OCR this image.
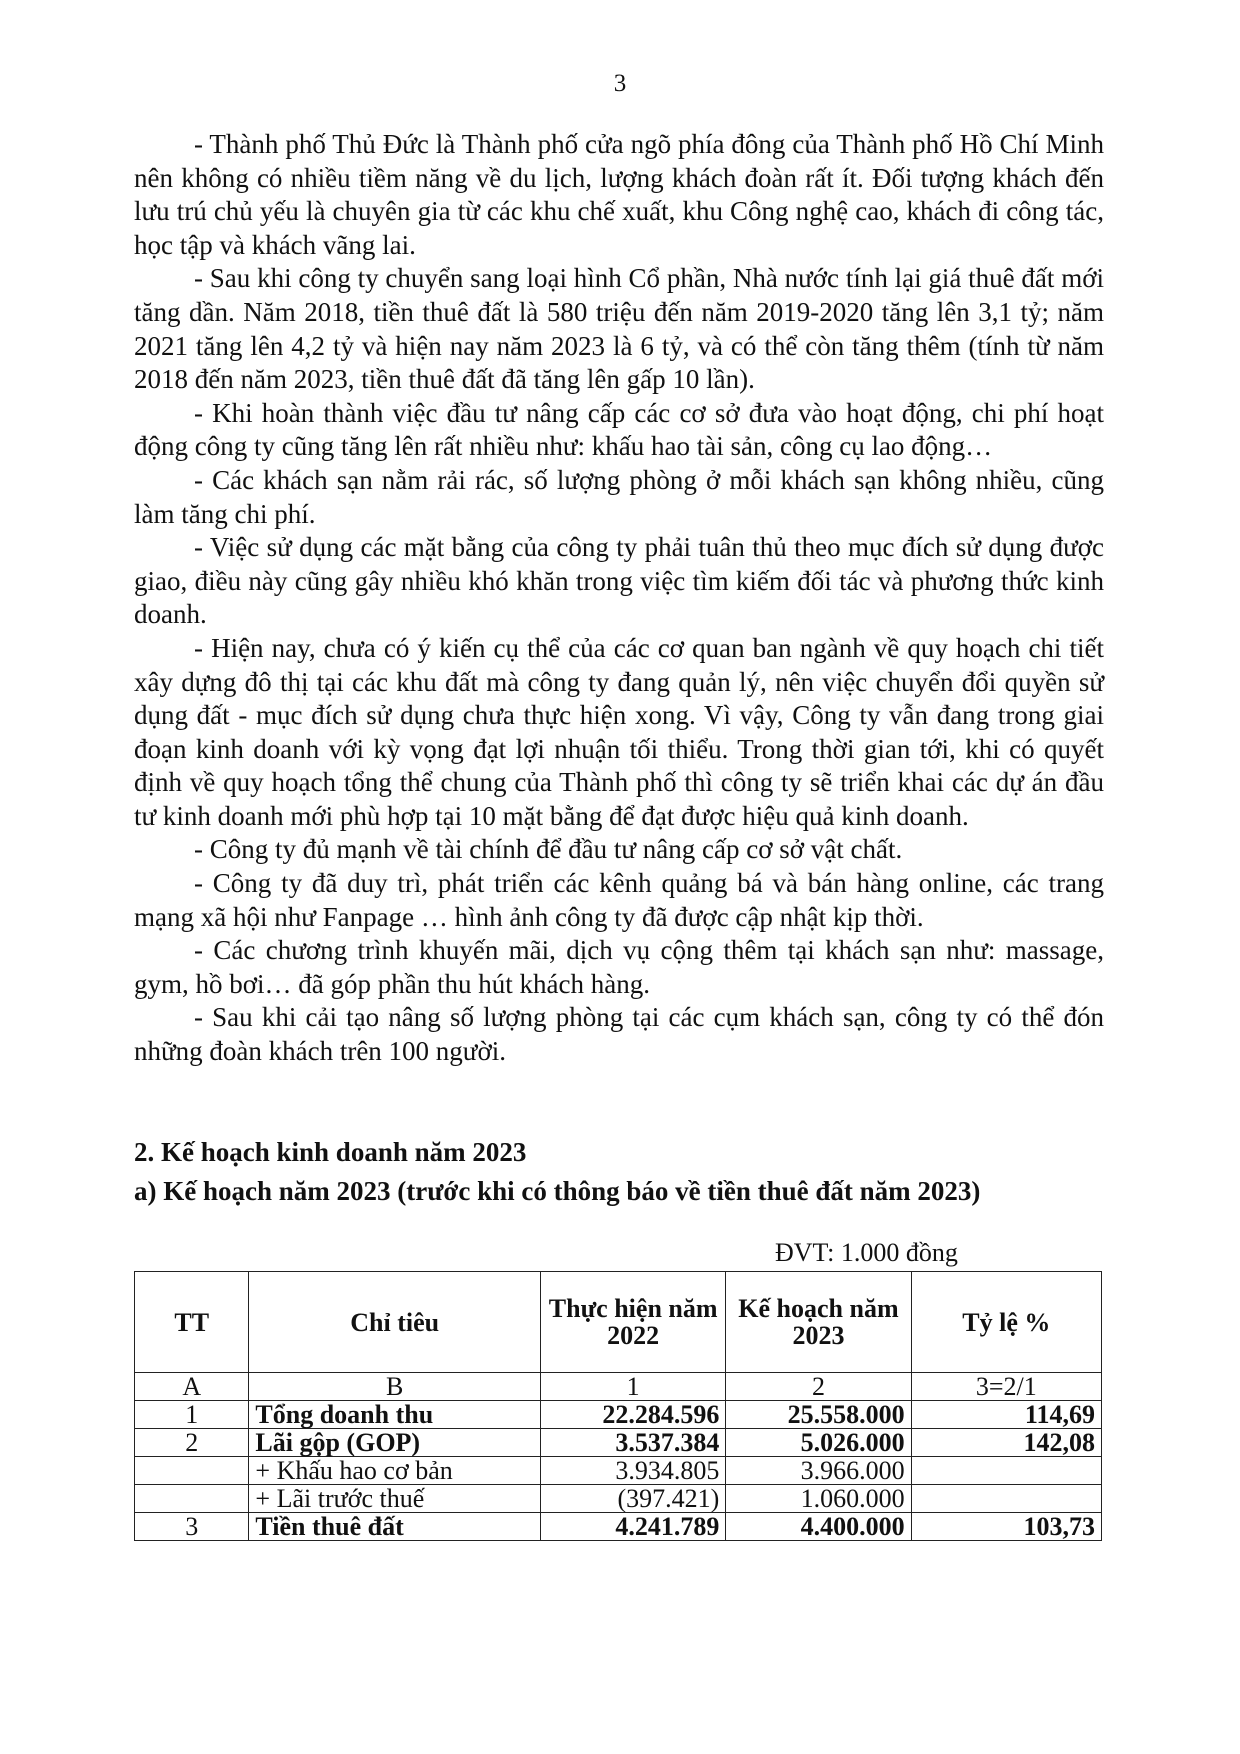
3

- Thành phố Thủ Đức là Thành phố cửa ngõ phía đông của Thành phố Hồ Chí Minh nên không có nhiều tiềm năng về du lịch, lượng khách đoàn rất ít. Đối tượng khách đến lưu trú chủ yếu là chuyên gia từ các khu chế xuất, khu Công nghệ cao, khách đi công tác, học tập và khách vãng lai.

- Sau khi công ty chuyển sang loại hình Cổ phần, Nhà nước tính lại giá thuê đất mới tăng dần. Năm 2018, tiền thuê đất là 580 triệu đến năm 2019-2020 tăng lên 3,1 tỷ; năm 2021 tăng lên 4,2 tỷ và hiện nay năm 2023 là 6 tỷ, và có thể còn tăng thêm (tính từ năm 2018 đến năm 2023, tiền thuê đất đã tăng lên gấp 10 lần).

- Khi hoàn thành việc đầu tư nâng cấp các cơ sở đưa vào hoạt động, chi phí hoạt động công ty cũng tăng lên rất nhiều như: khấu hao tài sản, công cụ lao động…

- Các khách sạn nằm rải rác, số lượng phòng ở mỗi khách sạn không nhiều, cũng làm tăng chi phí.

- Việc sử dụng các mặt bằng của công ty phải tuân thủ theo mục đích sử dụng được giao, điều này cũng gây nhiều khó khăn trong việc tìm kiếm đối tác và phương thức kinh doanh.

- Hiện nay, chưa có ý kiến cụ thể của các cơ quan ban ngành về quy hoạch chi tiết xây dựng đô thị tại các khu đất mà công ty đang quản lý, nên việc chuyển đổi quyền sử dụng đất - mục đích sử dụng chưa thực hiện xong. Vì vậy, Công ty vẫn đang trong giai đoạn kinh doanh với kỳ vọng đạt lợi nhuận tối thiểu. Trong thời gian tới, khi có quyết định về quy hoạch tổng thể chung của Thành phố thì công ty sẽ triển khai các dự án đầu tư kinh doanh mới phù hợp tại 10 mặt bằng để đạt được hiệu quả kinh doanh.

- Công ty đủ mạnh về tài chính để đầu tư nâng cấp cơ sở vật chất.

- Công ty đã duy trì, phát triển các kênh quảng bá và bán hàng online, các trang mạng xã hội như Fanpage … hình ảnh công ty đã được cập nhật kịp thời.

- Các chương trình khuyến mãi, dịch vụ cộng thêm tại khách sạn như: massage, gym, hồ bơi… đã góp phần thu hút khách hàng.

- Sau khi cải tạo nâng số lượng phòng tại các cụm khách sạn, công ty có thể đón những đoàn khách trên 100 người.

2. Kế hoạch kinh doanh năm 2023
a) Kế hoạch năm 2023 (trước khi có thông báo về tiền thuê đất năm 2023)
ĐVT: 1.000 đồng
TT	Chỉ tiêu	Thực hiện năm 2022	Kế hoạch năm 2023	Tỷ lệ %
A	B	1	2	3=2/1
1	Tổng doanh thu	22.284.596	25.558.000	114,69
2	Lãi gộp (GOP)	3.537.384	5.026.000	142,08
	+ Khấu hao cơ bản	3.934.805	3.966.000	
	+ Lãi trước thuế	(397.421)	1.060.000	
3	Tiền thuê đất	4.241.789	4.400.000	103,73
